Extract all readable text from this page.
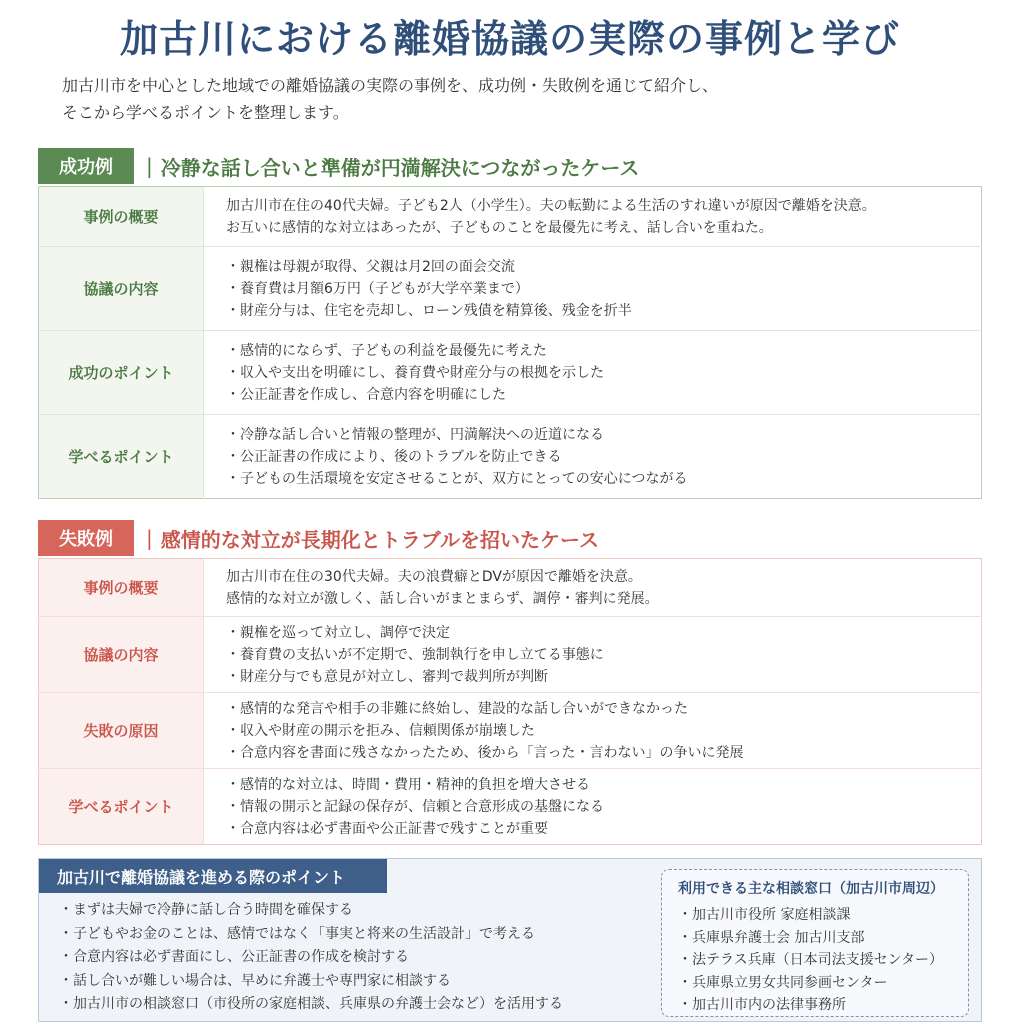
加古川における離婚協議の実際の事例と学び
加古川市を中心とした地域での離婚協議の実際の事例を、成功例・失敗例を通じて紹介し、
そこから学べるポイントを整理します。
成功例	| 冷静な話し合いと準備が円満解決につながったケース
事例の概要	加古川市在住の40代夫婦。子ども2人（小学生）。夫の転勤による生活のすれ違いが原因で離婚を決意。
お互いに感情的な対立はあったが、子どものことを最優先に考え、話し合いを重ねた。

協議の内容	・親権は母親が取得、父親は月2回の面会交流
・養育費は月額6万円（子どもが大学卒業まで）
・財産分与は、住宅を売却し、ローン残債を精算後、残金を折半

成功のポイント	・感情的にならず、子どもの利益を最優先に考えた
・収入や支出を明確にし、養育費や財産分与の根拠を示した
・公正証書を作成し、合意内容を明確にした

学べるポイント	・冷静な話し合いと情報の整理が、円満解決への近道になる
・公正証書の作成により、後のトラブルを防止できる
・子どもの生活環境を安定させることが、双方にとっての安心につながる
失敗例	| 感情的な対立が長期化とトラブルを招いたケース
事例の概要	加古川市在住の30代夫婦。夫の浪費癖とDVが原因で離婚を決意。
感情的な対立が激しく、話し合いがまとまらず、調停・審判に発展。

協議の内容	・親権を巡って対立し、調停で決定
・養育費の支払いが不定期で、強制執行を申し立てる事態に
・財産分与でも意見が対立し、審判で裁判所が判断

失敗の原因	・感情的な発言や相手の非難に終始し、建設的な話し合いができなかった
・収入や財産の開示を拒み、信頼関係が崩壊した
・合意内容を書面に残さなかったため、後から「言った・言わない」の争いに発展

学べるポイント	・感情的な対立は、時間・費用・精神的負担を増大させる
・情報の開示と記録の保存が、信頼と合意形成の基盤になる
・合意内容は必ず書面や公正証書で残すことが重要
加古川で離婚協議を進める際のポイント
・まずは夫婦で冷静に話し合う時間を確保する
・子どもやお金のことは、感情ではなく「事実と将来の生活設計」で考える
・合意内容は必ず書面にし、公正証書の作成を検討する
・話し合いが難しい場合は、早めに弁護士や専門家に相談する
・加古川市の相談窓口（市役所の家庭相談、兵庫県の弁護士会など）を活用する
利用できる主な相談窓口（加古川市周辺）
・加古川市役所 家庭相談課
・兵庫県弁護士会 加古川支部
・法テラス兵庫（日本司法支援センター）
・兵庫県立男女共同参画センター
・加古川市内の法律事務所
